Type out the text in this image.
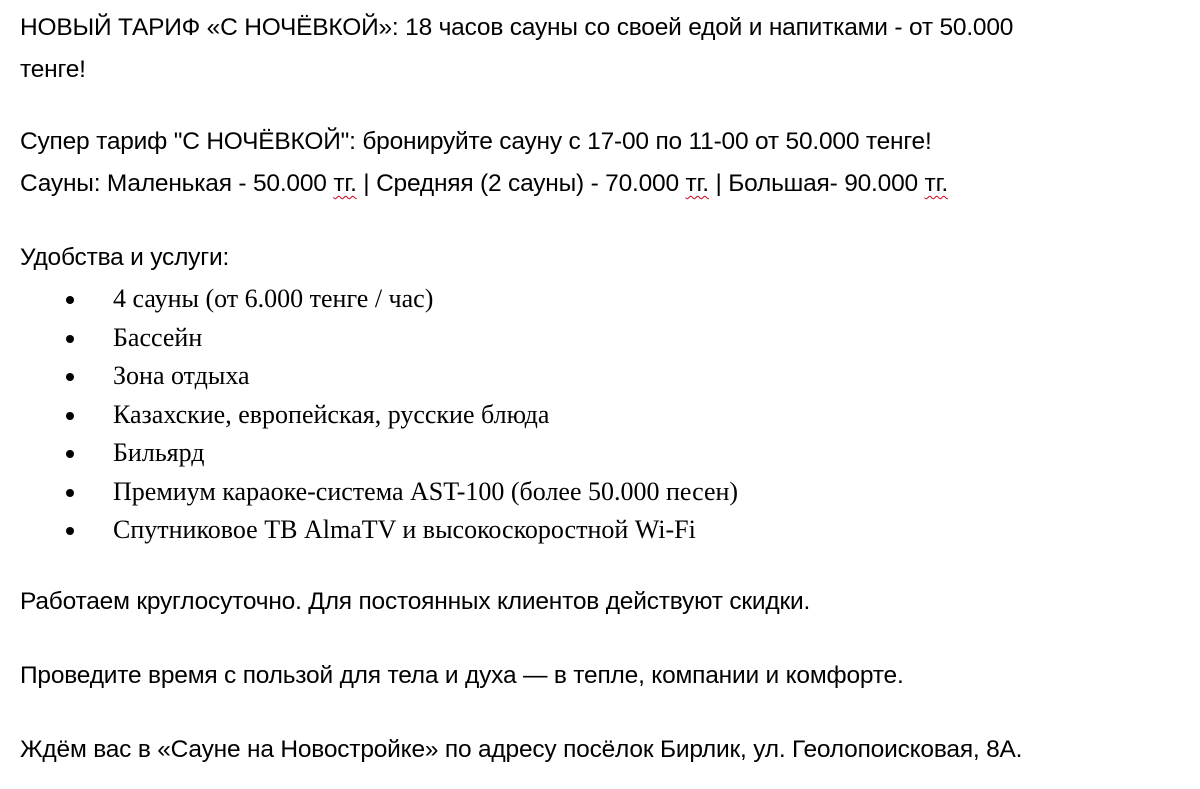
НОВЫЙ ТАРИФ «С НОЧЁВКОЙ»: 18 часов сауны со своей едой и напитками - от 50.000
тенге!
Супер тариф "С НОЧЁВКОЙ": бронируйте сауну с 17-00 по 11-00 от 50.000 тенге!
Сауны: Маленькая - 50.000 тг. | Средняя (2 сауны) - 70.000 тг. | Большая- 90.000 тг.
Удобства и услуги:
4 сауны (от 6.000 тенге / час)
Бассейн
Зона отдыха
Казахские, европейская, русские блюда
Бильярд
Премиум караоке-система AST-100 (более 50.000 песен)
Спутниковое ТВ AlmaTV и высокоскоростной Wi-Fi
Работаем круглосуточно. Для постоянных клиентов действуют скидки.
Проведите время с пользой для тела и духа — в тепле, компании и комфорте.
Ждём вас в «Сауне на Новостройке» по адресу посёлок Бирлик, ул. Геолопоисковая, 8А.
